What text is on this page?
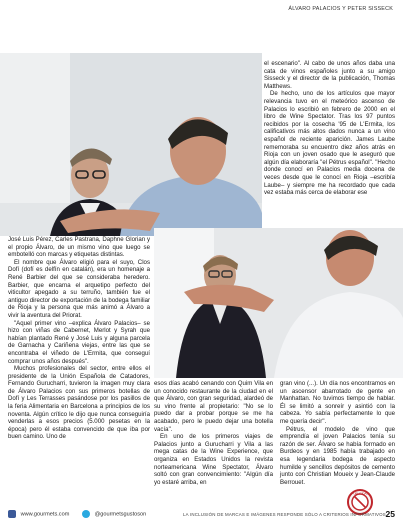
ÁLVARO PALACIOS Y PETER SISSECK

el escenario". Al cabo de unos años daba una cata de vinos españoles junto a su amigo Sisseck y el director de la publicación, Thomas Matthews.

De hecho, uno de los artículos que mayor relevancia tuvo en el meteórico ascenso de Palacios lo escribió en febrero de 2000 en el libro de Wine Spectator. Tras los 97 puntos recibidos por la cosecha '95 de L'Ermita, los calificativos más altos dados nunca a un vino español de reciente aparición. James Laube rememoraba su encuentro diez años atrás en Rioja con un joven osado que le aseguró que algún día elaboraría "el Pétrus español". "Hecho donde conocí en Palacios media docena de veces desde que le conocí en Rioja –escribía Laube– y siempre me ha recordado que cada vez estaba más cerca de elaborar ese

José Luis Pérez, Carles Pastrana, Daphne Glorian y el propio Álvaro, de un mismo vino que luego se embotelló con marcas y etiquetas distintas.

El nombre que Álvaro eligió para el suyo, Clos Dofí (dofí es delfín en catalán), era un homenaje a René Barbier del que se consideraba heredero. Barbier, que encarna el arquetipo perfecto del viticultor apegado a su terruño, también fue el antiguo director de exportación de la bodega familiar de Rioja y la persona que más animó a Álvaro a vivir la aventura del Priorat.

"Aquel primer vino –explica Álvaro Palacios– se hizo con viñas de Cabernet, Merlot y Syrah que habían plantado René y José Luis y alguna parcela de Garnacha y Cariñena viejas, entre las que se encontraba el viñedo de L'Ermita, que conseguí comprar unos años después".

Muchos profesionales del sector, entre ellos el presidente de la Unión Española de Catadores, Fernando Gurucharri, tuvieron la imagen muy clara de Álvaro Palacios con sus primeros botellas de Dofí y Les Terrasses pasándose por los pasillos de la feria Alimentaria en Barcelona a principios de los noventa. Algún crítico le dijo que nunca conseguiría venderlas a esos precios (5.000 pesetas en la época) pero él estaba convencido de que iba por buen camino. Uno de

esos días acabó cenando con Quim Vila en un conocido restaurante de la ciudad en el que Álvaro, con gran seguridad, alardeó de su vino frente al propietario: "No se lo puedo dar a probar porque se me ha acabado, pero le puedo dejar una botella vacía".

En uno de los primeros viajes de Palacios junto a Gurucharri y Vila a las mega catas de la Wine Experience, que organiza en Estados Unidos la revista norteamericana Wine Spectator, Álvaro soltó con gran convencimiento: "Algún día yo estaré arriba, en

gran vino (...). Un día nos encontramos en un ascensor abarrotado de gente en Manhattan. No tuvimos tiempo de hablar. Él se limitó a sonreír y asintió con la cabeza. Yo sabía perfectamente lo que me quería decir".

Pétrus, el modelo de vino que emprendía el joven Palacios tenía su razón de ser. Álvaro se había formado en Burdeos y en 1985 había trabajado en esa legendaria bodega de aspecto humilde y sencillos depósitos de cemento junto con Christian Moueix y Jean-Claude Berrouet.

PUBLICIDAD
www.gourmets.com	@gourmetsgustoson	LA INCLUSIÓN DE MARCAS E IMÁGENES RESPONDE SÓLO A CRITERIOS INFORMATIVOS 25
